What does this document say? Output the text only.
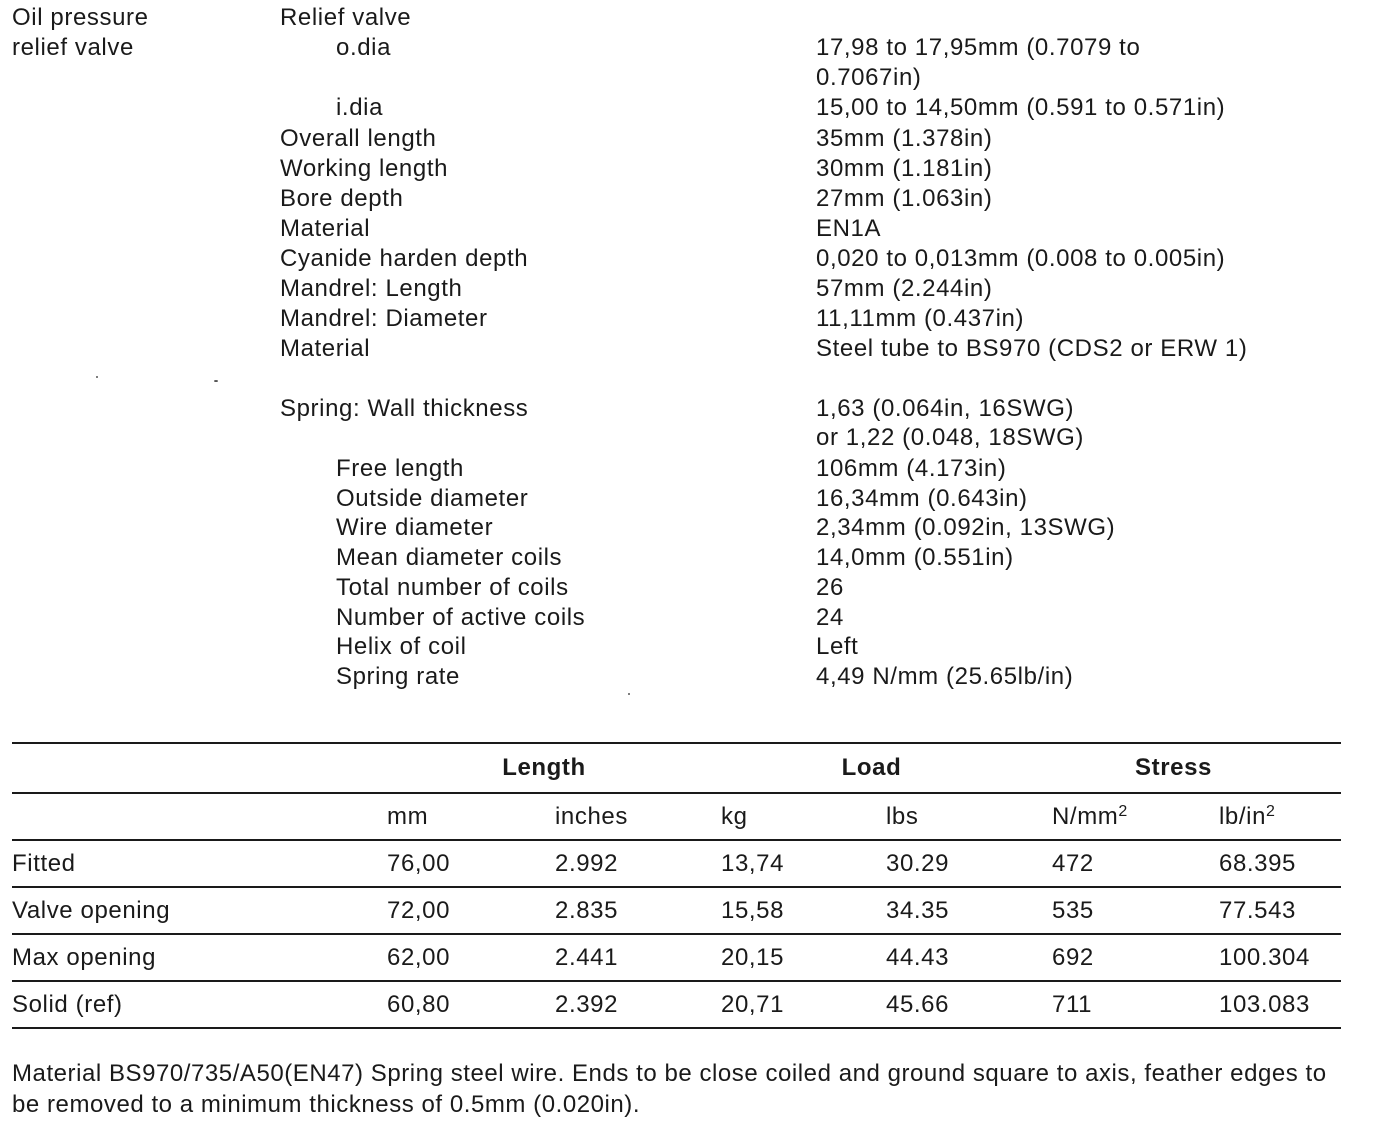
Oil pressure
relief valve
Relief valve
o.dia	17,98 to 17,95mm (0.7079 to
0.7067in)
i.dia	15,00 to 14,50mm (0.591 to 0.571in)
Overall length	35mm (1.378in)
Working length	30mm (1.181in)
Bore depth	27mm (1.063in)
Material	EN1A
Cyanide harden depth	0,020 to 0,013mm (0.008 to 0.005in)
Mandrel: Length	57mm (2.244in)
Mandrel: Diameter	11,11mm (0.437in)
Material	Steel tube to BS970 (CDS2 or ERW 1)
Spring: Wall thickness	1,63 (0.064in, 16SWG)
or 1,22 (0.048, 18SWG)
Free length	106mm (4.173in)
Outside diameter	16,34mm (0.643in)
Wire diameter	2,34mm (0.092in, 13SWG)
Mean diameter coils	14,0mm (0.551in)
Total number of coils	26
Number of active coils	24
Helix of coil	Left
Spring rate	4,49 N/mm (25.65lb/in)
	Length		Load		Stress	
	mm	inches	kg	lbs	$N/mm^2$	$lb/in^2$
Fitted	76,00	2.992	13,74	30.29	472	68.395
Valve opening	72,00	2.835	15,58	34.35	535	77.543
Max opening	62,00	2.441	20,15	44.43	692	100.304
Solid (ref)	60,80	2.392	20,71	45.66	711	103.083
Material BS970/735/A50(EN47) Spring steel wire. Ends to be close coiled and ground square to axis, feather edges to be removed to a minimum thickness of 0.5mm (0.020in).
